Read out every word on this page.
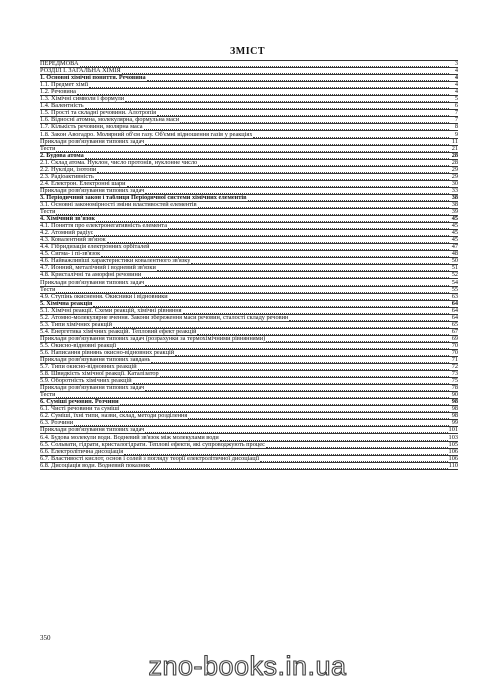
ЗМІСТ
ПЕРЕДМОВА	3
РОЗДІЛ І. ЗАГАЛЬНА ХІМІЯ	4
1. Основні хімічні поняття. Речовина	4
1.1. Предмет хімії	4
1.2. Речовина	4
1.3. Хімічні символи і формули	5
1.4. Валентність	6
1.5. Прості та складні речовини. Алотропія	7
1.6. Відносні атомна, молекулярна, формульна маси	7
1.7. Кількість речовини, молярна маса	8
1.8. Закон Авогадро. Молярний об'єм газу. Об'ємні відношення газів у реакціях	9
Приклади розв'язування типових задач	11
Тести	21
2. Будова атома	28
2.1. Склад атома. Нуклон, число протонів, нуклонне число	28
2.2. Нукліди, ізотопи	29
2.3. Радіоактивність	29
2.4. Електрон. Електронні шари	30
Приклади розв'язування типових задач	33
3. Періодичний закон і таблиця Періодичної системи хімічних елементів	38
3.1. Основні закономірності зміни властивостей елементів	38
Тести	39
4. Хімічний зв'язок	45
4.1. Поняття про електронегативність елемента	45
4.2. Атомний радіус	45
4.3. Ковалентний зв'язок	45
4.4. Гібридизація електронних орбіталей	47
4.5. Сигма- і пі-зв'язок	48
4.6. Найважливіші характеристики ковалентного зв'язку	50
4.7. Йонний, металічний і водневий зв'язки	51
4.8. Кристалічні та аморфні речовини	52
Приклади розв'язування типових задач	54
Тести	55
4.9. Ступінь окиснення. Окисники і відновники	63
5. Хімічна реакція	64
5.1. Хімічні реакції. Схеми реакцій, хімічні рівняння	64
5.2. Атомно-молекулярне вчення. Закони збереження маси речовин, сталості складу речовин	64
5.3. Типи хімічних реакцій	65
5.4. Енергетика хімічних реакцій. Тепловий ефект реакцій	67
Приклади розв'язування типових задач (розрахунки за термохімічними рівняннями)	69
5.5. Окисно-відновні реакції	70
5.6. Написання рівнянь окисно-відновних реакцій	70
Приклади розв'язування типових завдань	71
5.7. Типи окисно-відновних реакцій	72
5.8. Швидкість хімічної реакції. Каталізатор	73
5.9. Оборотність хімічних реакцій	75
Приклади розв'язування типових задач	78
Тести	90
6. Суміші речовин. Розчини	98
6.1. Чисті речовини та суміші	98
6.2. Суміші, їхні типи, назви, склад, методи розділення	98
6.3. Розчини	99
Приклади розв'язування типових задач	101
6.4. Будова молекули води. Водневий зв'язок між молекулами води	103
6.5. Сольвати, гідрати, кристалогідрати. Теплові ефекти, які супроводжують процес	105
6.6. Електролітична дисоціація	106
6.7. Властивості кислот, основ і солей з погляду теорії електролітичної дисоціації	106
6.8. Дисоціація води. Водневий показник	110
350
zno-books.in.ua
